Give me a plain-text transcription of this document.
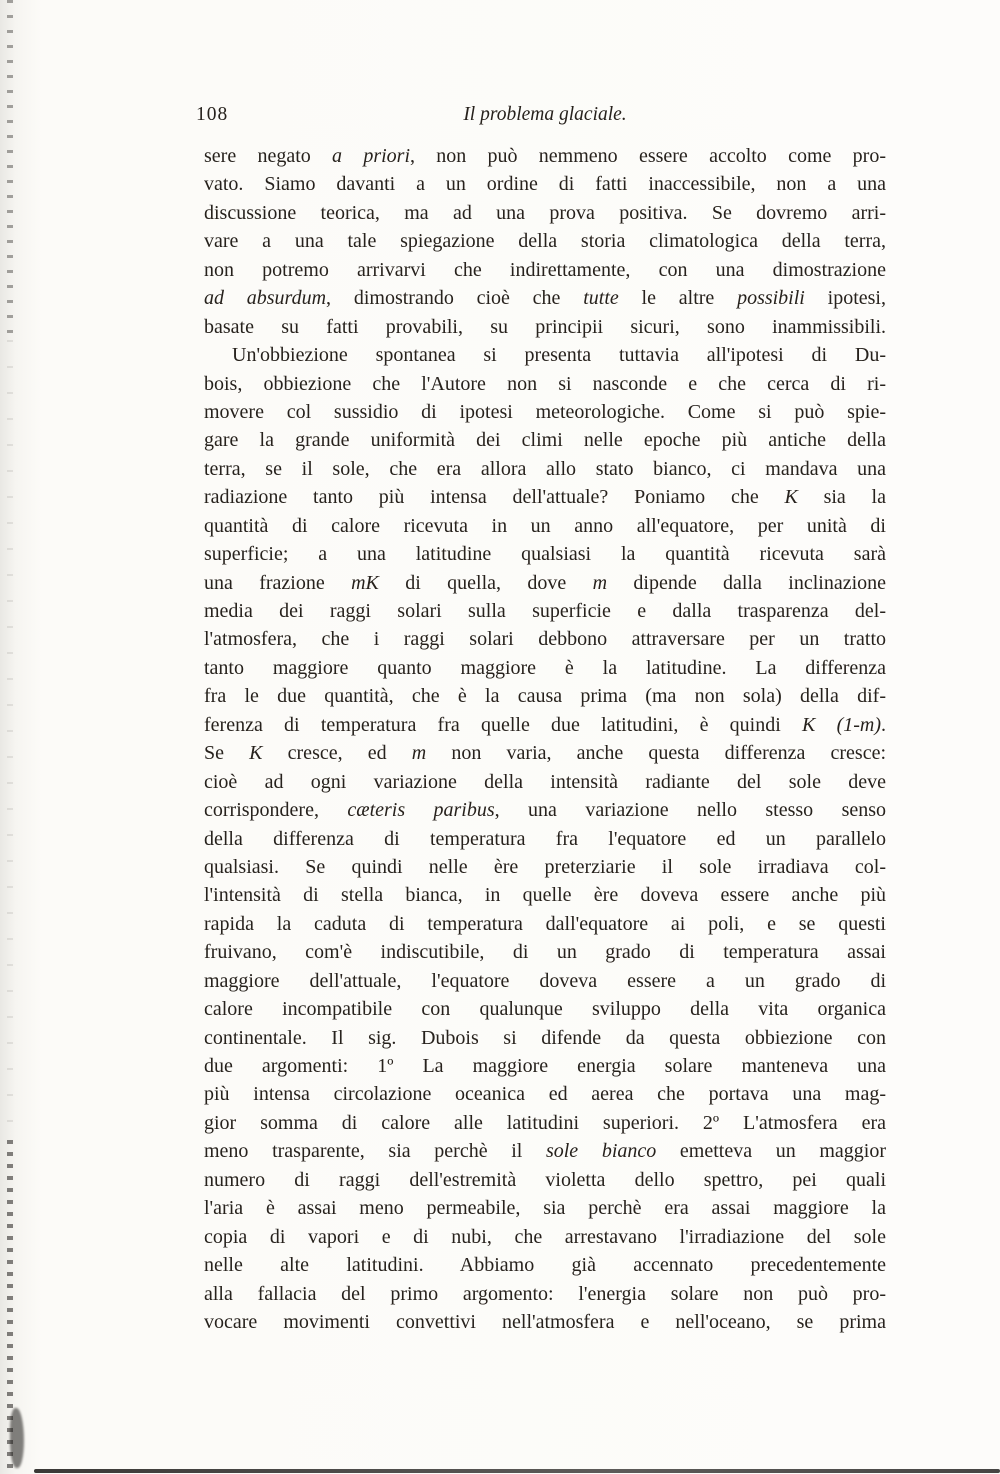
108	Il problema glaciale.
sere negato a priori, non può nemmeno essere accolto come pro-
vato. Siamo davanti a un ordine di fatti inaccessibile, non a una
discussione teorica, ma ad una prova positiva. Se dovremo arri-
vare a una tale spiegazione della storia climatologica della terra,
non potremo arrivarvi che indirettamente, con una dimostrazione
ad absurdum, dimostrando cioè che tutte le altre possibili ipotesi,
basate su fatti provabili, su principii sicuri, sono inammissibili.
Un'obbiezione spontanea si presenta tuttavia all'ipotesi di Du-
bois, obbiezione che l'Autore non si nasconde e che cerca di ri-
movere col sussidio di ipotesi meteorologiche. Come si può spie-
gare la grande uniformità dei climi nelle epoche più antiche della
terra, se il sole, che era allora allo stato bianco, ci mandava una
radiazione tanto più intensa dell'attuale? Poniamo che K sia la
quantità di calore ricevuta in un anno all'equatore, per unità di
superficie; a una latitudine qualsiasi la quantità ricevuta sarà
una frazione mK di quella, dove m dipende dalla inclinazione
media dei raggi solari sulla superficie e dalla trasparenza del-
l'atmosfera, che i raggi solari debbono attraversare per un tratto
tanto maggiore quanto maggiore è la latitudine. La differenza
fra le due quantità, che è la causa prima (ma non sola) della dif-
ferenza di temperatura fra quelle due latitudini, è quindi K (1-m).
Se K cresce, ed m non varia, anche questa differenza cresce:
cioè ad ogni variazione della intensità radiante del sole deve
corrispondere, cæteris paribus, una variazione nello stesso senso
della differenza di temperatura fra l'equatore ed un parallelo
qualsiasi. Se quindi nelle ère preterziarie il sole irradiava col-
l'intensità di stella bianca, in quelle ère doveva essere anche più
rapida la caduta di temperatura dall'equatore ai poli, e se questi
fruivano, com'è indiscutibile, di un grado di temperatura assai
maggiore dell'attuale, l'equatore doveva essere a un grado di
calore incompatibile con qualunque sviluppo della vita organica
continentale. Il sig. Dubois si difende da questa obbiezione con
due argomenti: 1º La maggiore energia solare manteneva una
più intensa circolazione oceanica ed aerea che portava una mag-
gior somma di calore alle latitudini superiori. 2º L'atmosfera era
meno trasparente, sia perchè il sole bianco emetteva un maggior
numero di raggi dell'estremità violetta dello spettro, pei quali
l'aria è assai meno permeabile, sia perchè era assai maggiore la
copia di vapori e di nubi, che arrestavano l'irradiazione del sole
nelle alte latitudini. Abbiamo già accennato precedentemente
alla fallacia del primo argomento: l'energia solare non può pro-
vocare movimenti convettivi nell'atmosfera e nell'oceano, se prima
